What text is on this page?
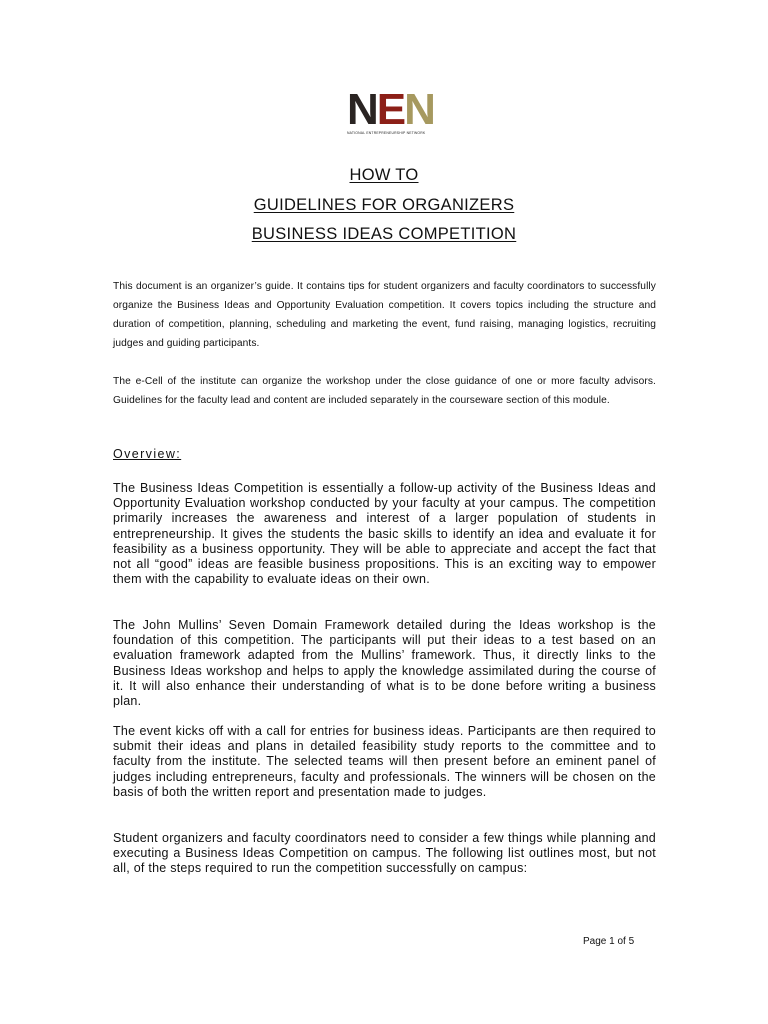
NEN
NATIONAL ENTREPRENEURSHIP NETWORK
HOW TO
GUIDELINES FOR ORGANIZERS
BUSINESS IDEAS COMPETITION
This document is an organizer’s guide. It contains tips for student organizers and faculty coordinators to successfully organize the Business Ideas and Opportunity Evaluation competition. It covers topics including the structure and duration of competition, planning, scheduling and marketing the event, fund raising, managing logistics, recruiting judges and guiding participants.
The e-Cell of the institute can organize the workshop under the close guidance of one or more faculty advisors. Guidelines for the faculty lead and content are included separately in the courseware section of this module.
Overview:
The Business Ideas Competition is essentially a follow-up activity of the Business Ideas and Opportunity Evaluation workshop conducted by your faculty at your campus. The competition primarily increases the awareness and interest of a larger population of students in entrepreneurship. It gives the students the basic skills to identify an idea and evaluate it for feasibility as a business opportunity. They will be able to appreciate and accept the fact that not all “good” ideas are feasible business propositions. This is an exciting way to empower them with the capability to evaluate ideas on their own.
The John Mullins’ Seven Domain Framework detailed during the Ideas workshop is the foundation of this competition. The participants will put their ideas to a test based on an evaluation framework adapted from the Mullins’ framework. Thus, it directly links to the Business Ideas workshop and helps to apply the knowledge assimilated during the course of it. It will also enhance their understanding of what is to be done before writing a business plan.
The event kicks off with a call for entries for business ideas. Participants are then required to submit their ideas and plans in detailed feasibility study reports to the committee and to faculty from the institute. The selected teams will then present before an eminent panel of judges including entrepreneurs, faculty and professionals. The winners will be chosen on the basis of both the written report and presentation made to judges.
Student organizers and faculty coordinators need to consider a few things while planning and executing a Business Ideas Competition on campus. The following list outlines most, but not all, of the steps required to run the competition successfully on campus:
Page 1 of 5
